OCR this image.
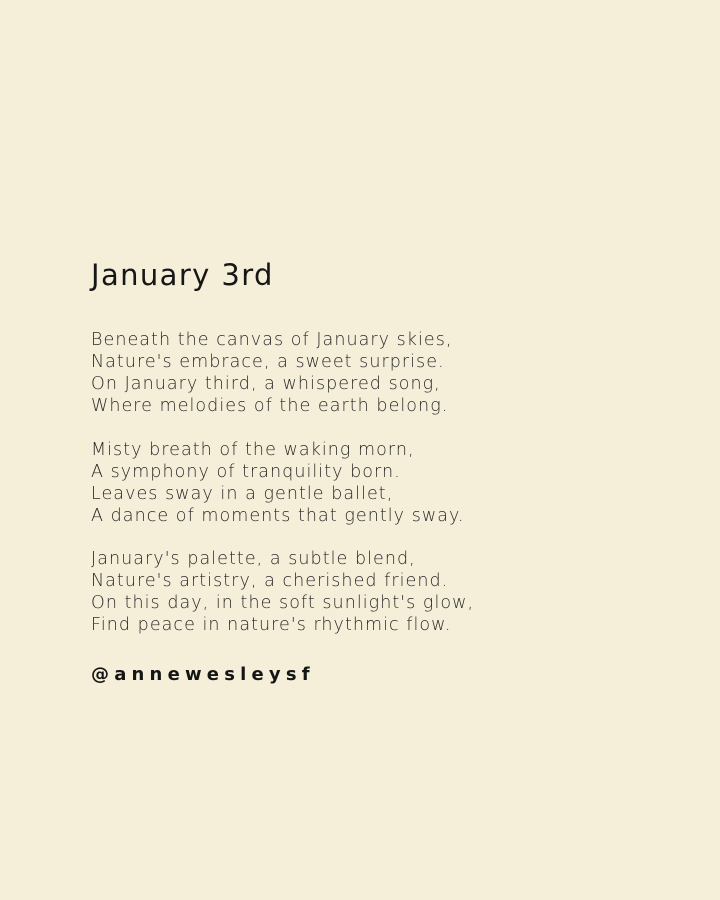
January 3rd

Beneath the canvas of January skies,
Nature's embrace, a sweet surprise.
On January third, a whispered song,
Where melodies of the earth belong.

Misty breath of the waking morn,
A symphony of tranquility born.
Leaves sway in a gentle ballet,
A dance of moments that gently sway.

January's palette, a subtle blend,
Nature's artistry, a cherished friend.
On this day, in the soft sunlight's glow,
Find peace in nature's rhythmic flow.

@annewesleysf
